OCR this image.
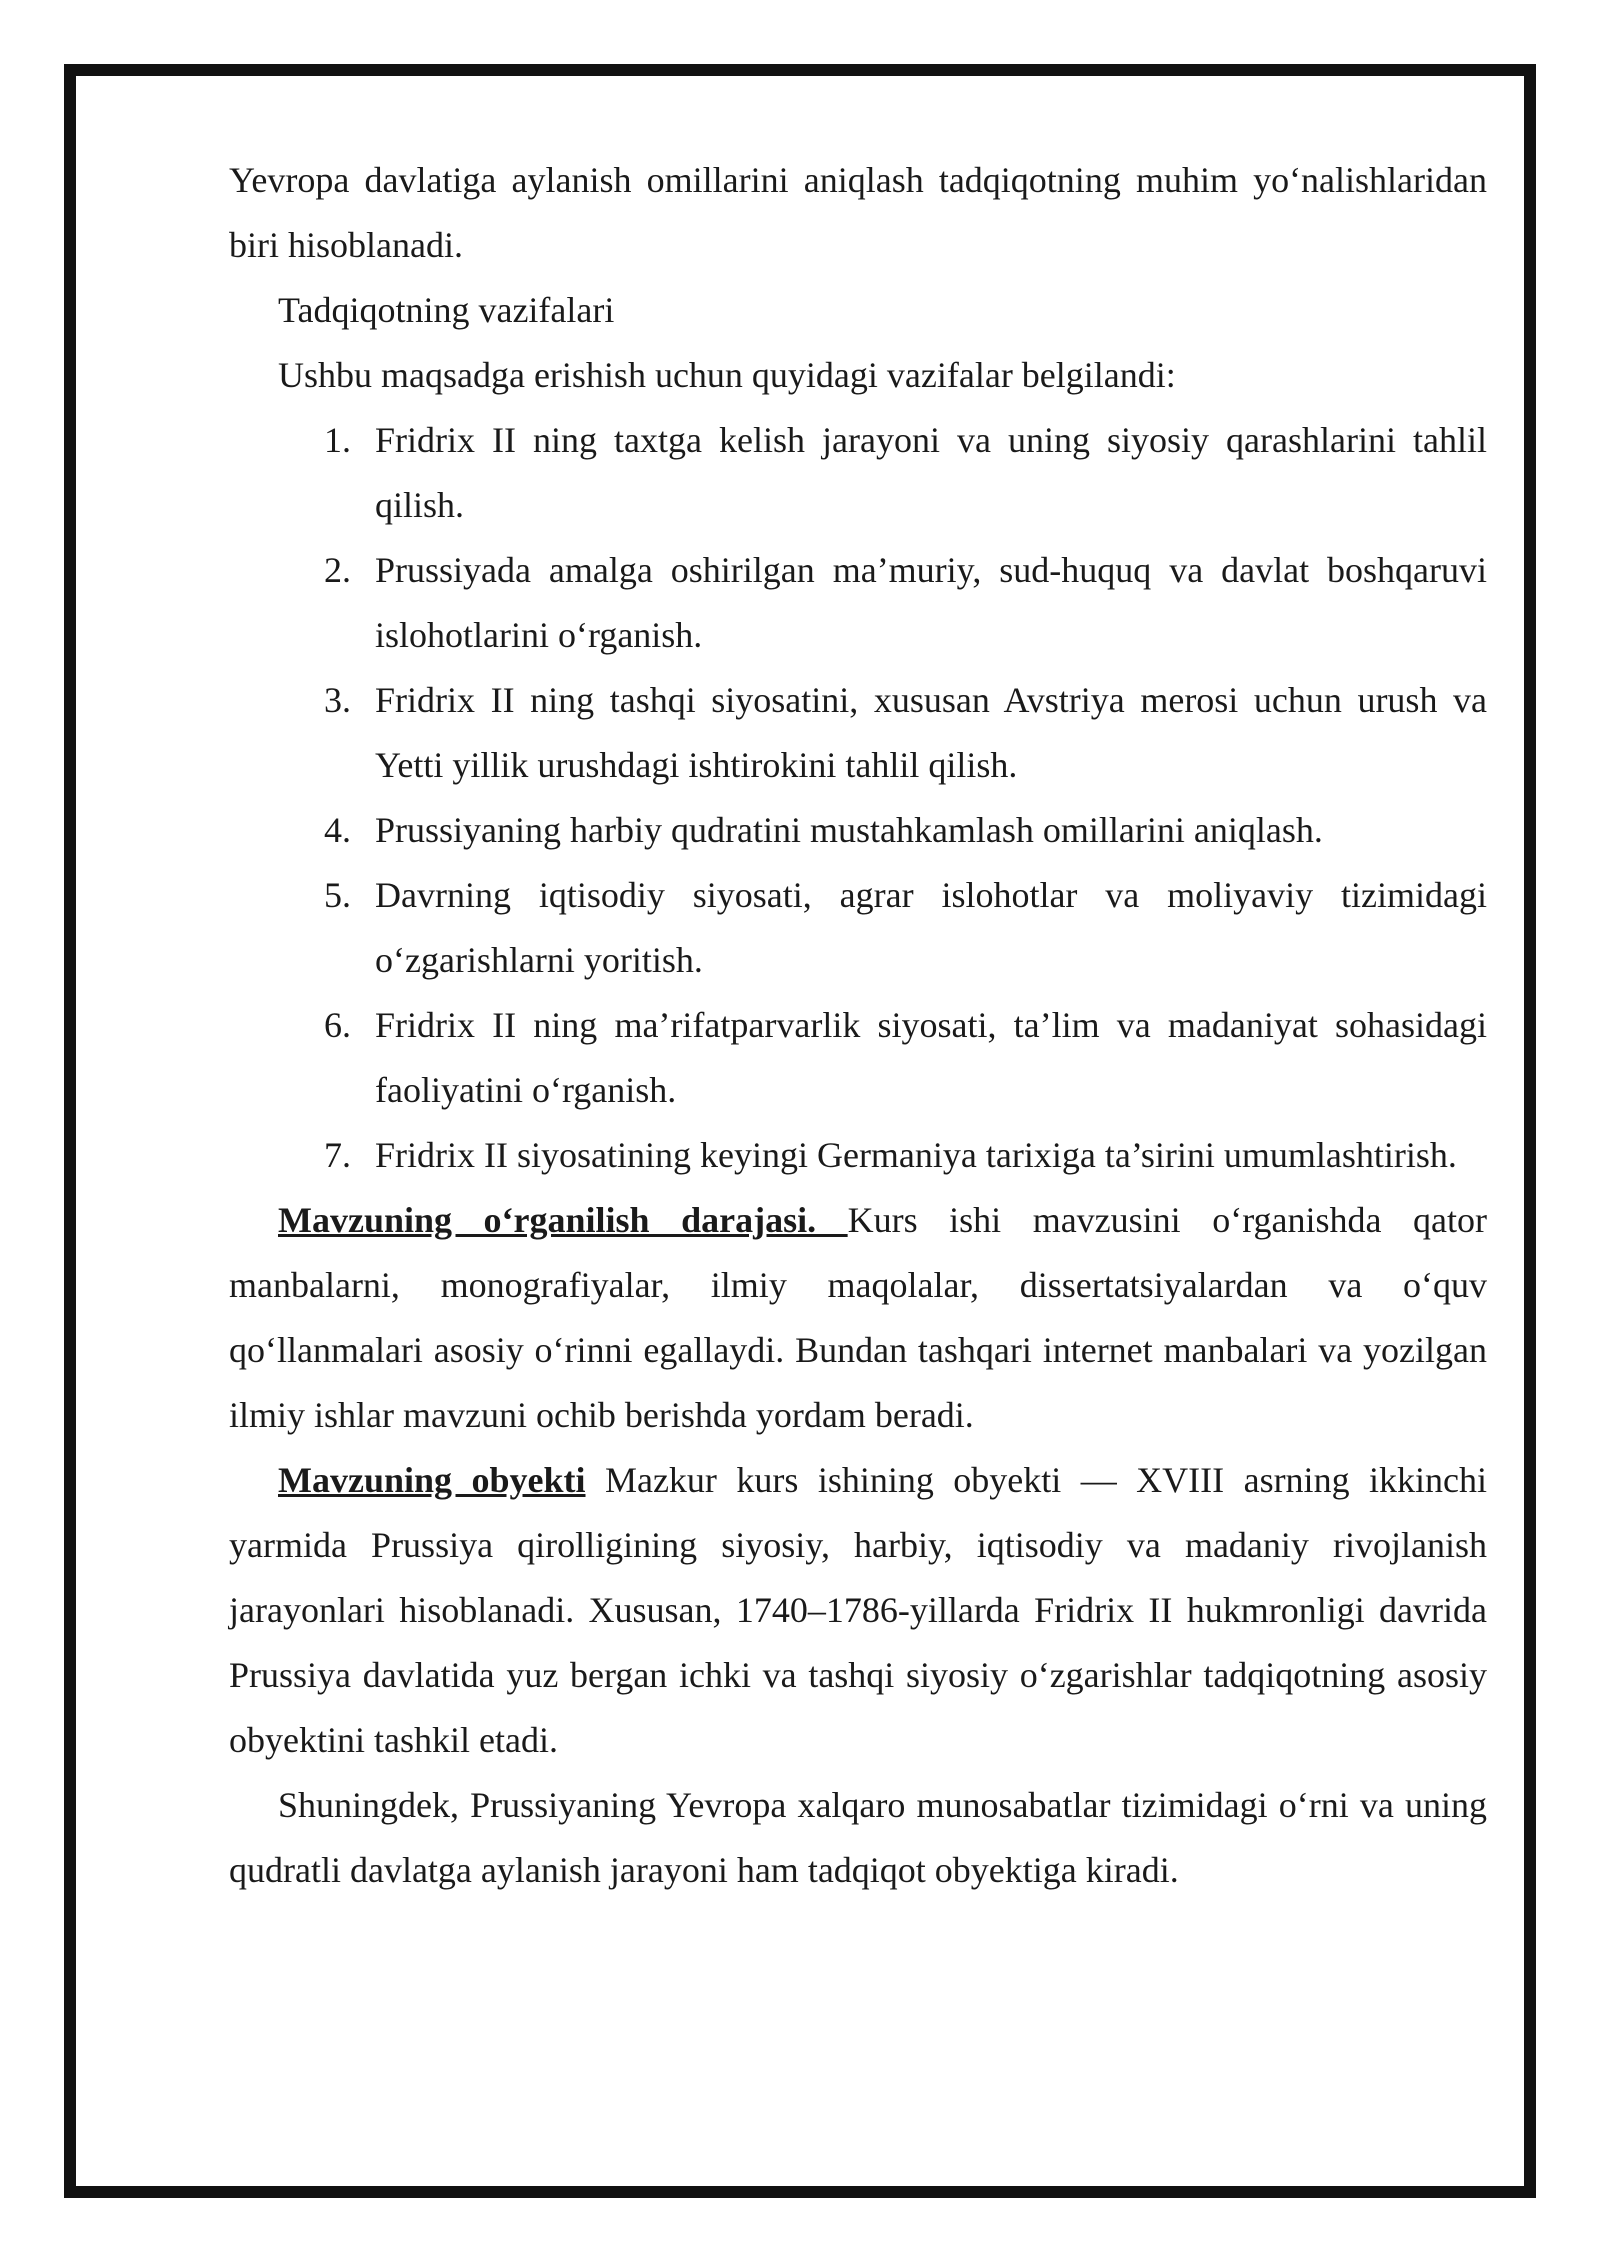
Yevropa davlatiga aylanish omillarini aniqlash tadqiqotning muhim yo‘nalishlaridan biri hisoblanadi.

Tadqiqotning vazifalari

Ushbu maqsadga erishish uchun quyidagi vazifalar belgilandi:

1. Fridrix II ning taxtga kelish jarayoni va uning siyosiy qarashlarini tahlil qilish.
2. Prussiyada amalga oshirilgan ma’muriy, sud-huquq va davlat boshqaruvi islohotlarini o‘rganish.
3. Fridrix II ning tashqi siyosatini, xususan Avstriya merosi uchun urush va Yetti yillik urushdagi ishtirokini tahlil qilish.
4. Prussiyaning harbiy qudratini mustahkamlash omillarini aniqlash.
5. Davrning iqtisodiy siyosati, agrar islohotlar va moliyaviy tizimidagi o‘zgarishlarni yoritish.
6. Fridrix II ning ma’rifatparvarlik siyosati, ta’lim va madaniyat sohasidagi faoliyatini o‘rganish.
7. Fridrix II siyosatining keyingi Germaniya tarixiga ta’sirini umumlashtirish.

Mavzuning o‘rganilish darajasi. Kurs ishi mavzusini o‘rganishda qator manbalarni, monografiyalar, ilmiy maqolalar, dissertatsiyalardan va o‘quv qo‘llanmalari asosiy o‘rinni egallaydi. Bundan tashqari internet manbalari va yozilgan ilmiy ishlar mavzuni ochib berishda yordam beradi.

Mavzuning obyekti Mazkur kurs ishining obyekti — XVIII asrning ikkinchi yarmida Prussiya qirolligining siyosiy, harbiy, iqtisodiy va madaniy rivojlanish jarayonlari hisoblanadi. Xususan, 1740–1786-yillarda Fridrix II hukmronligi davrida Prussiya davlatida yuz bergan ichki va tashqi siyosiy o‘zgarishlar tadqiqotning asosiy obyektini tashkil etadi.

Shuningdek, Prussiyaning Yevropa xalqaro munosabatlar tizimidagi o‘rni va uning qudratli davlatga aylanish jarayoni ham tadqiqot obyektiga kiradi.
